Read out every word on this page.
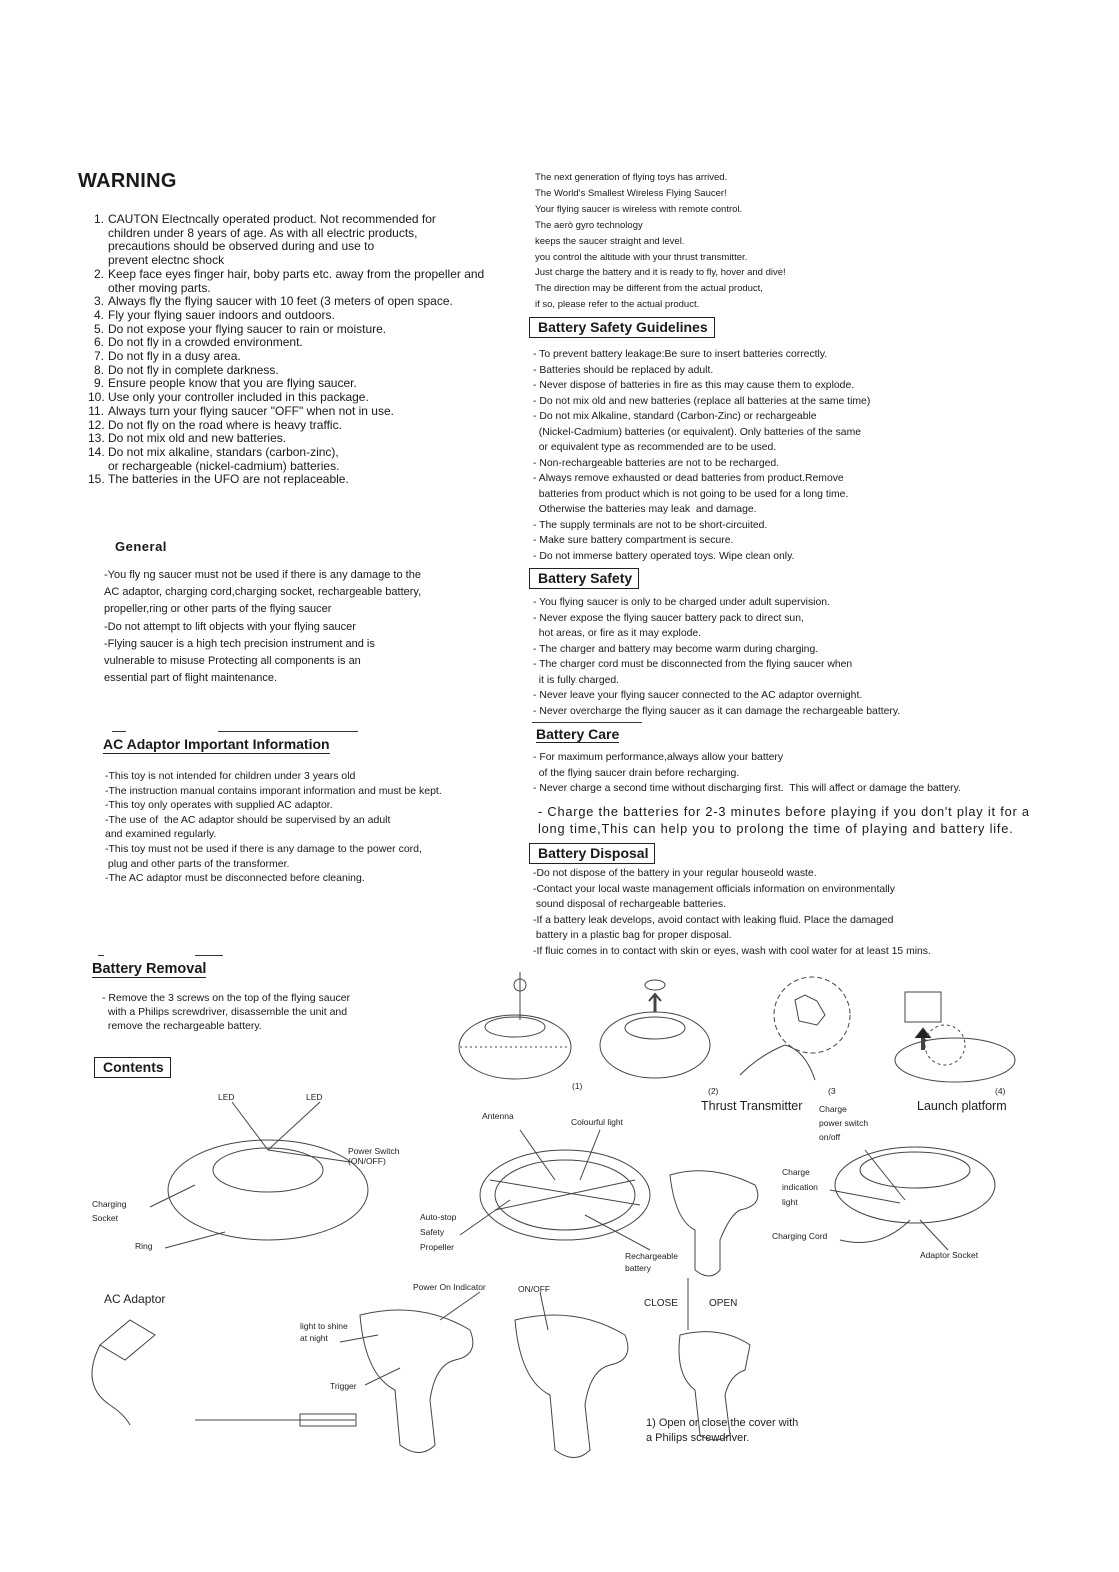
WARNING
1. CAUTON Electncally operated product. Not recommended for
children under 8 years of age. As with all electric products,
precautions should be observed during and use to
prevent electnc shock
2. Keep face eyes finger hair, boby parts etc. away from the propeller and
other moving parts.
3. Always fly the flying saucer with 10 feet (3 meters of open space.
4. Fly your flying sauer indoors and outdoors.
5. Do not expose your flying saucer to rain or moisture.
6. Do not fly in a crowded environment.
7. Do not fly in a dusy area.
8. Do not fly in complete darkness.
9. Ensure people know that you are flying saucer.
10. Use only your controller included in this package.
11. Always turn your flying saucer "OFF" when not in use.
12. Do not fly on the road where is heavy traffic.
13. Do not mix old and new batteries.
14. Do not mix alkaline, standars (carbon-zinc),
or rechargeable (nickel-cadmium) batteries.
15. The batteries in the UFO are not replaceable.
General
-You fly ng saucer must not be used if there is any damage to the
AC adaptor, charging cord,charging socket, rechargeable battery,
propeller,ring or other parts of the flying saucer
-Do not attempt to lift objects with your flying saucer
-Flying saucer is a high tech precision instrument and is
vulnerable to misuse Protecting all components is an
essential part of flight maintenance.
AC Adaptor Important Information
-This toy is not intended for children under 3 years old
-The instruction manual contains imporant information and must be kept.
-This toy only operates with supplied AC adaptor.
-The use of  the AC adaptor should be supervised by an adult
and examined regularly.
-This toy must not be used if there is any damage to the power cord,
plug and other parts of the transformer.
-The AC adaptor must be disconnected before cleaning.
Battery Removal
- Remove the 3 screws on the top of the flying saucer
with a Philips screwdriver, disassemble the unit and
remove the rechargeable battery.
Contents
The next generation of flying toys has arrived.
The World's Smallest Wireless Flying Saucer!
Your flying saucer is wireless with remote control.
The aerò gyro technology
keeps the saucer straight and level.
you control the altitude with your thrust transmitter.
Just charge the battery and it is ready to fly, hover and dive!
The direction may be different from the actual product,
if so, please refer to the actual product.
Battery Safety Guidelines
- To prevent battery leakage:Be sure to insert batteries correctly.
- Batteries should be replaced by adult.
- Never dispose of batteries in fire as this may cause them to explode.
- Do not mix old and new batteries (replace all batteries at the same time)
- Do not mix Alkaline, standard (Carbon-Zinc) or rechargeable
(Nickel-Cadmium) batteries (or equivalent). Only batteries of the same
or equivalent type as recommended are to be used.
- Non-rechargeable batteries are not to be recharged.
- Always remove exhausted or dead batteries from product.Remove
batteries from product which is not going to be used for a long time.
Otherwise the batteries may leak  and damage.
- The supply terminals are not to be short-circuited.
- Make sure battery compartment is secure.
- Do not immerse battery operated toys. Wipe clean only.
Battery Safety
- You flying saucer is only to be charged under adult supervision.
- Never expose the flying saucer battery pack to direct sun,
hot areas, or fire as it may explode.
- The charger and battery may become warm during charging.
- The charger cord must be disconnected from the flying saucer when
it is fully charged.
- Never leave your flying saucer connected to the AC adaptor overnight.
- Never overcharge the flying saucer as it can damage the rechargeable battery.
Battery Care
- For maximum performance,always allow your battery
of the flying saucer drain before recharging.
- Never charge a second time without discharging first.  This will affect or damage the battery.
- Charge the batteries for 2-3 minutes before playing if you don't play it for a
long time,This can help you to prolong the time of playing and battery life.
Battery Disposal
-Do not dispose of the battery in your regular houseold waste.
-Contact your local waste management officials information on environmentally
sound disposal of rechargeable batteries.
-If a battery leak develops, avoid contact with leaking fluid. Place the damaged
battery in a plastic bag for proper disposal.
-If fluic comes in to contact with skin or eyes, wash with cool water for at least 15 mins.
(1)	(2)	(3	(4)
Thrust Transmitter Charge
power switch
on/off
Launch platform
LED	LED
Power Switch
(ON/OFF)
Charging
Socket
Ring
Antenna
Colourful light
Auto-stop
Safety
Propeller
Rechargeable
battery
Charge
indication
light
Charging Cord
Adaptor Socket
AC Adaptor
Power On Indicator	ON/OFF
light to shine
at night
Trigger
CLOSE	OPEN
1) Open or close the cover with
a Philips screwdriver.
